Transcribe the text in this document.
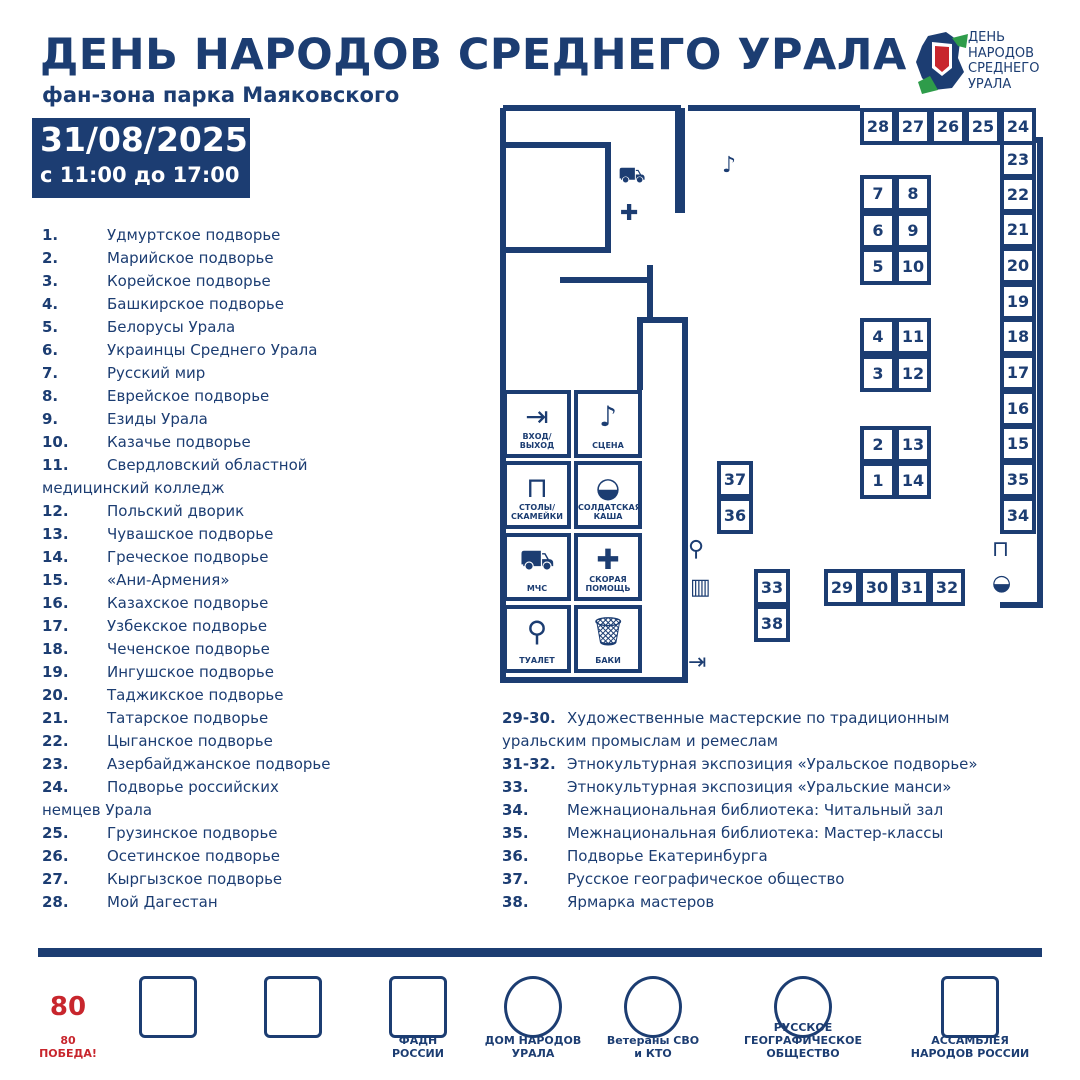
ДЕНЬ НАРОДОВ СРЕДНЕГО УРАЛА
фан-зона парка Маяковского
31/08/2025
с 11:00 до 17:00
ДЕНЬ
НАРОДОВ
СРЕДНЕГО
УРАЛА
1.	Удмуртское подворье
2.	Марийское подворье
3.	Корейское подворье
4.	Башкирское подворье
5.	Белорусы Урала
6.	Украинцы Среднего Урала
7.	Русский мир
8.	Еврейское подворье
9.	Езиды Урала
10.	Казачье подворье
11.	Свердловский областной
медицинский колледж
12.	Польский дворик
13.	Чувашское подворье
14.	Греческое подворье
15.	«Ани-Армения»
16.	Казахское подворье
17.	Узбекское подворье
18.	Чеченское подворье
19.	Ингушское подворье
20.	Таджикское подворье
21.	Татарское подворье
22.	Цыганское подворье
23.	Азербайджанское подворье
24.	Подворье российских
немцев Урала
25.	Грузинское подворье
26.	Осетинское подворье
27.	Кыргызское подворье
28.	Мой Дагестан
29-30. Художественные мастерские по традиционным
уральским промыслам и ремеслам
31-32. Этнокультурная экспозиция «Уральское подворье»
33.	Этнокультурная экспозиция «Уральские манси»
34.	Межнациональная библиотека: Читальный зал
35.	Межнациональная библиотека: Мастер-классы
36.	Подворье Екатеринбурга
37.	Русское географическое общество
38.	Ярмарка мастеров
28 27 26 25 24
23
22
21
20
19
18
17
16
15
35
34
7	8
6	9
5	10
4	11
3	12
2	13
1	14
37
36
33
38
29 30 31 32
⇥
ВХОД/ ВЫХОД
♪
СЦЕНА
⊓
СТОЛЫ/ СКАМЕЙКИ
◒
СОЛДАТСКАЯ КАША
⛟
МЧС
✚
СКОРАЯ ПОМОЩЬ
⚲
ТУАЛЕТ
🗑
БАКИ
⛟
✚
♪
⚲
▥
⇥
⊓
◒
80
80 ПОБЕДА!
ФАДН РОССИИ
ДОМ НАРОДОВ УРАЛА
Ветераны СВО и КТО
РУССКОЕ ГЕОГРАФИЧЕСКОЕ ОБЩЕСТВО
АССАМБЛЕЯ НАРОДОВ РОССИИ
